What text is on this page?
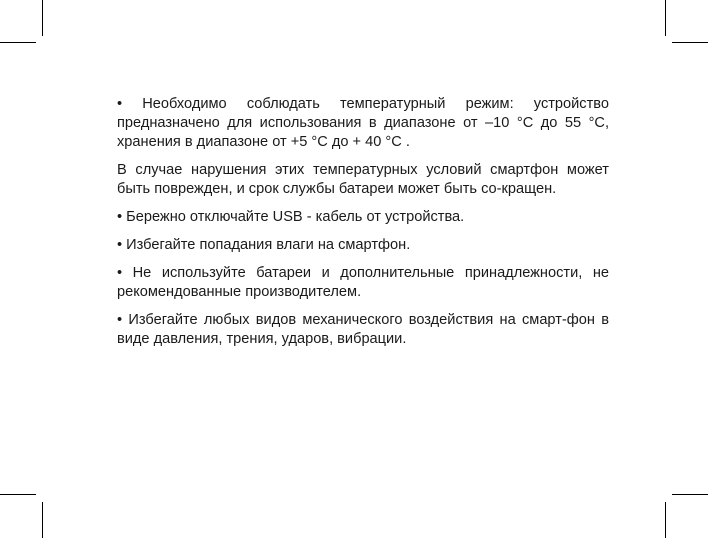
• Необходимо соблюдать температурный режим: устройство предназначено для использования в диапазоне от –10 °C до 55 °C, хранения в диапазоне от +5 °C до + 40 °C .

В случае нарушения этих температурных условий смартфон может быть поврежден, и срок службы батареи может быть со-кращен.

• Бережно отключайте USB - кабель от устройства.

• Избегайте попадания влаги на смартфон.

• Не используйте батареи и дополнительные принадлежности, не рекомендованные производителем.

• Избегайте любых видов механического воздействия на смарт-фон в виде давления, трения, ударов, вибрации.
